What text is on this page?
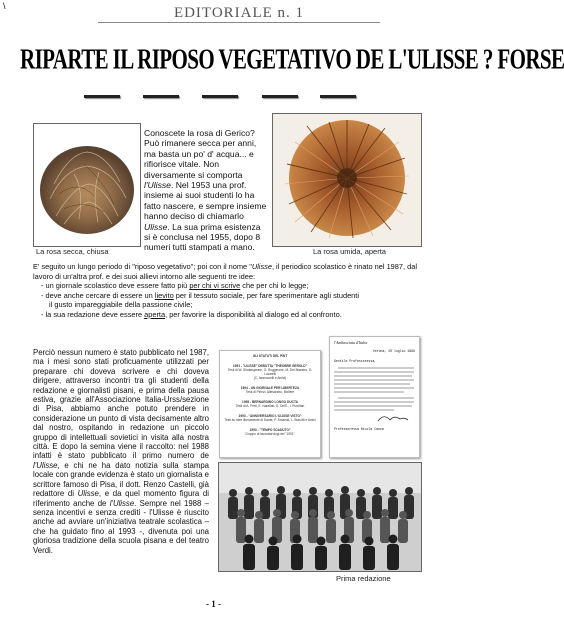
\	EDITORIALE n. 1
RIPARTE IL RIPOSO VEGETATIVO DE L'ULISSE ? FORSE
La rosa secca, chiusa

Conoscete la rosa di Gerico?

Può rimanere secca per anni, ma basta un po' d' acqua... e rifiorisce vitale. Non diversamente si comporta l'Ulisse. Nel 1953 una prof. insieme ai suoi studenti lo ha fatto nascere, e sempre insieme hanno deciso di chiamarlo Ulisse. La sua prima esistenza si è conclusa nel 1955, dopo 8 numeri tutti stampati a mano.	La rosa umida, aperta

E' seguito un lungo periodo di "riposo vegetativo"; poi con il nome "Ulisse, il periodico scolastico è rinato nel 1987, dal lavoro di un'altra prof. e dei suoi allievi intorno alle seguenti tre idee:

- un giornale scolastico deve essere fatto più per chi vi scrive che per chi lo legge;

- deve anche cercare di essere un lievito per il tessuto sociale, per fare sperimentare agli studenti

il gusto impareggiabile della passione civile;

- la sua redazione deve essere aperta, per favorire la disponibilità al dialogo ed al confronto.

Perciò nessun numero è stato pubblicato nel 1987, ma i mesi sono stati proficuamente utilizzati per preparare chi doveva scrivere e chi doveva dirigere, attraverso incontri tra gli studenti della redazione e giornalisti pisani, e prima della pausa estiva, grazie all'Associazione Italia-Urss/sezione di Pisa, abbiamo anche potuto prendere in considerazione un punto di vista decisamente altro dal nostro, ospitando in redazione un piccolo gruppo di intellettuali sovietici in visita alla nostra città. E dopo la semina viene il raccolto: nel 1988 infatti è stato pubblicato il primo numero de l'Ulisse, e chi ne ha dato notizia sulla stampa locale con grande evidenza è stato un giornalista e scrittore famoso di Pisa, il dott. Renzo Castelli, già redattore di Ulisse, e da quel momento figura di riferimento anche de l'Ulisse. Sempre nel 1988 – senza incentivi e senza crediti - l'Ulisse è riuscito anche ad avviare un'iniziativa teatrale scolastica – che ha guidato fino al 1993 -, divenuta poi una gloriosa tradizione della scuola pisana e del teatro Verdi.
GLI STATUTI DEL PINT
1993 - "ULISSE" DEBUTTA "THEOBRE GEROLD"
Testi di W. Shakespeare, G. Roggerone, M. Del Maestro, G. Lucarelli
(C. Iannuccelli e Amici)
1994 - UN GIORNALE PER LIBERTEZA
Testi di Pirinzi, Allesandro, Moliere
1995 - BERNARDINO LONGO DUCTA
Testi di A. Preti, E. Naraliati, G. Dell'I., I. Puerltan
1993 - "ANNIVERSARIO L'ULISSE VISTO"
Testi su idee liberamente di Dante, P. Smarski, L. Bonotti e Amici
1993 - "TEMPO SCADUTO"
Gruppo di lavoratorologi del "1991"
l'Ambasciata d'Italia
Verona, 20 luglio 1988
Gentile Professoressa,
Professoressa Nicola Canza
Prima redazione
- 1 -
